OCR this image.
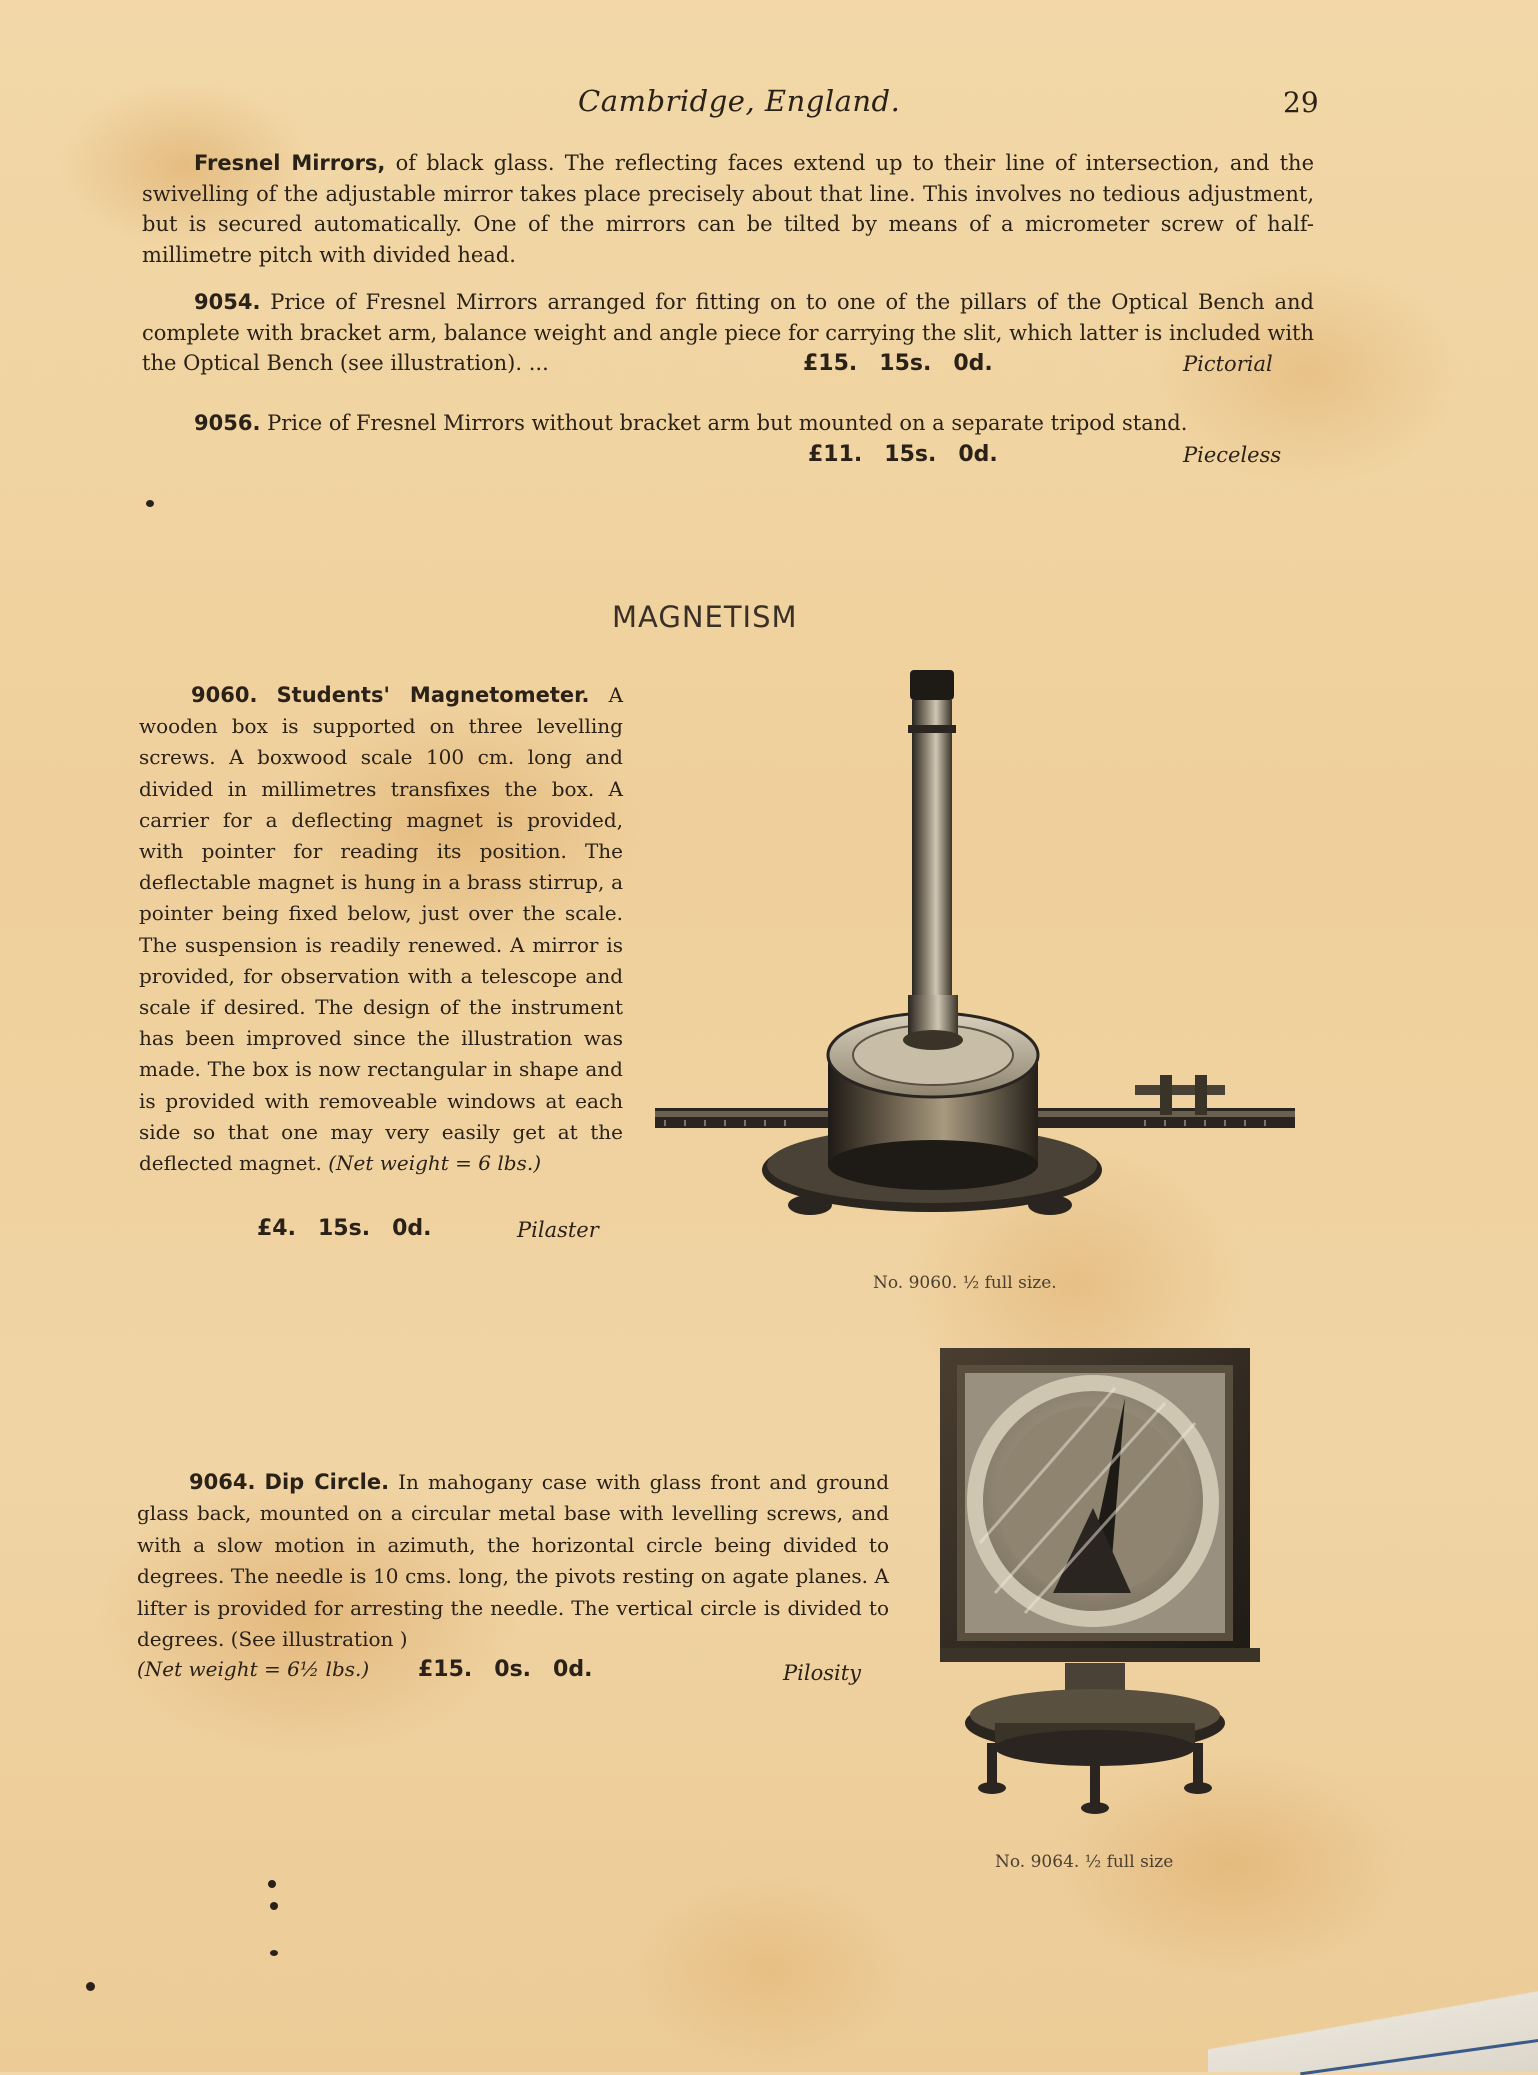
Cambridge, England.	29

Fresnel Mirrors, of black glass. The reflecting faces extend up to their line of intersection, and the swivelling of the adjustable mirror takes place precisely about that line. This involves no tedious adjustment, but is secured automatically. One of the mirrors can be tilted by means of a micrometer screw of half-millimetre pitch with divided head.

9054. Price of Fresnel Mirrors arranged for fitting on to one of the pillars of the Optical Bench and complete with bracket arm, balance weight and angle piece for carrying the slit, which latter is included with the Optical Bench (see illustration). ...	£15. 15s. 0d.	Pictorial

9056. Price of Fresnel Mirrors without bracket arm but mounted on a separate tripod stand.

£11. 15s. 0d.	Pieceless
MAGNETISM

9060. Students' Magnetometer. A wooden box is supported on three levelling screws. A boxwood scale 100 cm. long and divided in millimetres transfixes the box. A carrier for a deflecting magnet is provided, with pointer for reading its position. The deflectable magnet is hung in a brass stirrup, a pointer being fixed below, just over the scale. The suspension is readily renewed. A mirror is provided, for observation with a telescope and scale if desired. The design of the instrument has been improved since the illustration was made. The box is now rectangular in shape and is provided with removeable windows at each side so that one may very easily get at the deflected magnet. (Net weight = 6 lbs.)

£4. 15s. 0d.	Pilaster
No. 9060. ½ full size.

9064. Dip Circle. In mahogany case with glass front and ground glass back, mounted on a circular metal base with levelling screws, and with a slow motion in azimuth, the horizontal circle being divided to degrees. The needle is 10 cms. long, the pivots resting on agate planes. A lifter is provided for arresting the needle. The vertical circle is divided to degrees. (See illustration )

(Net weight = 6½ lbs.) £15. 0s. 0d.	Pilosity
No. 9064. ½ full size
